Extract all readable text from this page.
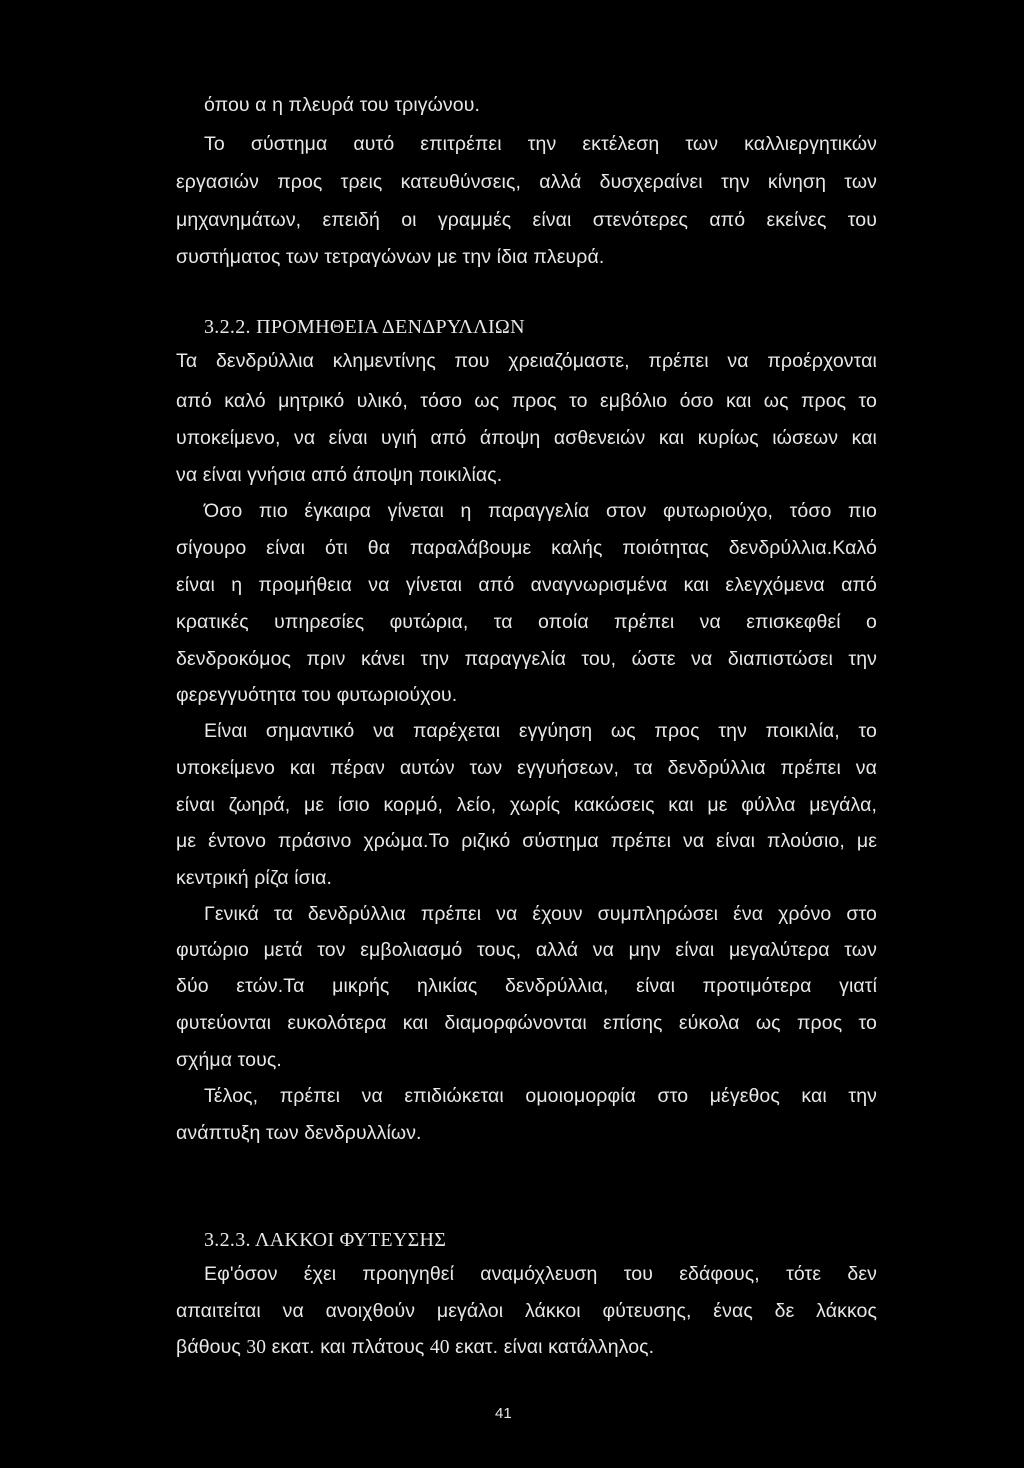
όπου α η πλευρά του τριγώνου.
Το σύστημα αυτό επιτρέπει την εκτέλεση των καλλιεργητικών
εργασιών προς τρεις κατευθύνσεις, αλλά δυσχεραίνει την κίνηση των
μηχανημάτων, επειδή οι γραμμές είναι στενότερες από εκείνες του
συστήματος των τετραγώνων με την ίδια πλευρά.
3.2.2. ΠΡΟΜΗΘΕΙΑ ΔΕΝΔΡΥΛΛΙΩΝ
Τα δενδρύλλια κλημεντίνης που χρειαζόμαστε, πρέπει να προέρχονται
από καλό μητρικό υλικό, τόσο ως προς το εμβόλιο όσο και ως προς το
υποκείμενο, να είναι υγιή από άποψη ασθενειών και κυρίως ιώσεων και
να είναι γνήσια από άποψη ποικιλίας.
Όσο πιο έγκαιρα γίνεται η παραγγελία στον φυτωριούχο, τόσο πιο
σίγουρο είναι ότι θα παραλάβουμε καλής ποιότητας δενδρύλλια.Καλό
είναι η προμήθεια να γίνεται από αναγνωρισμένα και ελεγχόμενα από
κρατικές υπηρεσίες φυτώρια, τα οποία πρέπει να επισκεφθεί ο
δενδροκόμος πριν κάνει την παραγγελία του, ώστε να διαπιστώσει την
φερεγγυότητα του φυτωριούχου.
Είναι σημαντικό να παρέχεται εγγύηση ως προς την ποικιλία, το
υποκείμενο και πέραν αυτών των εγγυήσεων, τα δενδρύλλια πρέπει να
είναι ζωηρά, με ίσιο κορμό, λείο, χωρίς κακώσεις και με φύλλα μεγάλα,
με έντονο πράσινο χρώμα.Το ριζικό σύστημα πρέπει να είναι πλούσιο, με
κεντρική ρίζα ίσια.
Γενικά τα δενδρύλλια πρέπει να έχουν συμπληρώσει ένα χρόνο στο
φυτώριο μετά τον εμβολιασμό τους, αλλά να μην είναι μεγαλύτερα των
δύο ετών.Τα μικρής ηλικίας δενδρύλλια, είναι προτιμότερα γιατί
φυτεύονται ευκολότερα και διαμορφώνονται επίσης εύκολα ως προς το
σχήμα τους.
Τέλος, πρέπει να επιδιώκεται ομοιομορφία στο μέγεθος και την
ανάπτυξη των δενδρυλλίων.
3.2.3. ΛΑΚΚΟΙ ΦΥΤΕΥΣΗΣ
Εφ'όσον έχει προηγηθεί αναμόχλευση του εδάφους, τότε δεν
απαιτείται να ανοιχθούν μεγάλοι λάκκοι φύτευσης, ένας δε λάκκος
βάθους 30 εκατ. και πλάτους 40 εκατ. είναι κατάλληλος.
41
